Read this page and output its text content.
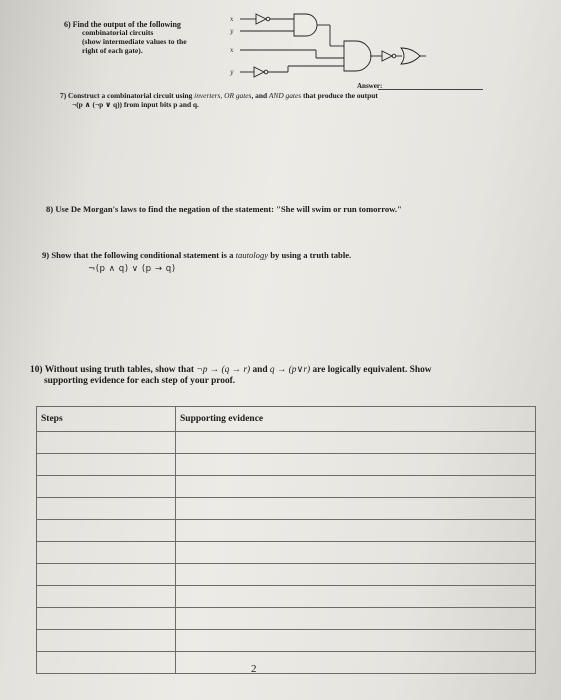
6) Find the output of the following
combinatorial circuits
(show intermediate values to the
right of each gate).
x
y
x
y
Answer:
7) Construct a combinatorial circuit using inverters, OR gates, and AND gates that produce the output
¬(p ∧ (¬p ∨ q)) from input bits p and q.
8) Use De Morgan's laws to find the negation of the statement: "She will swim or run tomorrow."
9) Show that the following conditional statement is a tautology by using a truth table.
¬(p ∧ q) ∨ (p → q)
10) Without using truth tables, show that ¬p → (q → r) and q → (p∨r) are logically equivalent. Show
supporting evidence for each step of your proof.
Steps	Supporting evidence

2
